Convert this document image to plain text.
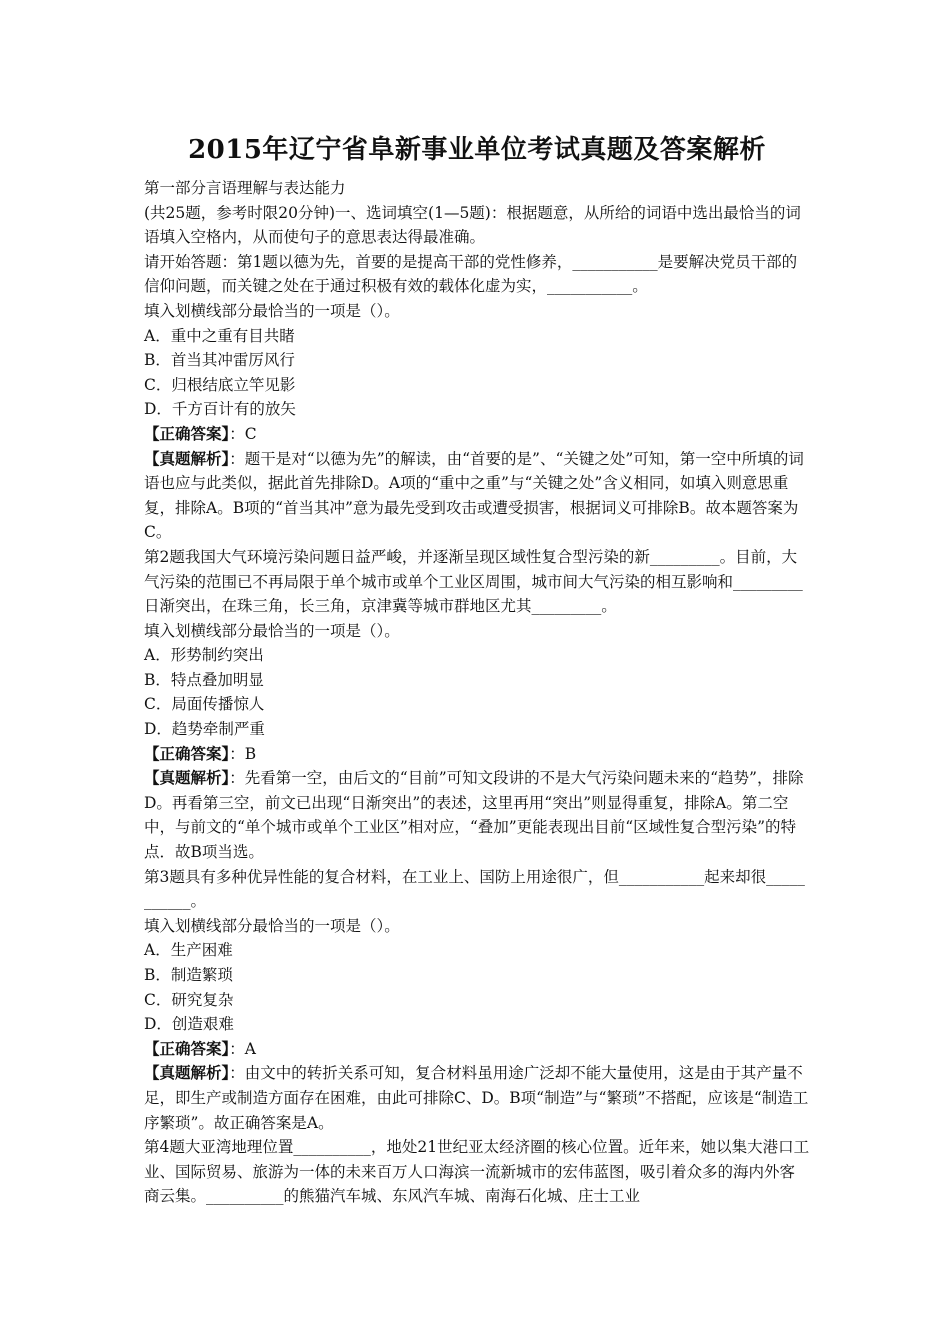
2015年辽宁省阜新事业单位考试真题及答案解析

第一部分言语理解与表达能力

(共25题，参考时限20分钟)一、选词填空(1—5题)：根据题意，从所给的词语中选出最恰当的词语填入空格内，从而使句子的意思表达得最准确。

请开始答题：第1题以德为先，首要的是提高干部的党性修养，___________是要解决党员干部的信仰问题，而关键之处在于通过积极有效的载体化虚为实，___________。

填入划横线部分最恰当的一项是（）。

A．重中之重有目共睹

B．首当其冲雷厉风行

C．归根结底立竿见影

D．千方百计有的放矢

【正确答案】：C

【真题解析】：题干是对“以德为先”的解读，由“首要的是”、“关键之处”可知，第一空中所填的词语也应与此类似，据此首先排除D。A项的“重中之重”与“关键之处”含义相同，如填入则意思重复，排除A。B项的“首当其冲”意为最先受到攻击或遭受损害，根据词义可排除B。故本题答案为C。

第2题我国大气环境污染问题日益严峻，并逐渐呈现区域性复合型污染的新_________。目前，大气污染的范围已不再局限于单个城市或单个工业区周围，城市间大气污染的相互影响和_________日渐突出，在珠三角，长三角，京津冀等城市群地区尤其_________。

填入划横线部分最恰当的一项是（）。

A．形势制约突出

B．特点叠加明显

C．局面传播惊人

D．趋势牵制严重

【正确答案】：B

【真题解析】：先看第一空，由后文的“目前”可知文段讲的不是大气污染问题未来的“趋势”，排除D。再看第三空，前文已出现“日渐突出”的表述，这里再用“突出”则显得重复，排除A。第二空中，与前文的“单个城市或单个工业区”相对应，“叠加”更能表现出目前“区域性复合型污染”的特点．故B项当选。

第3题具有多种优异性能的复合材料，在工业上、国防上用途很广，但___________起来却很___________。

填入划横线部分最恰当的一项是（）。

A．生产困难

B．制造繁琐

C．研究复杂

D．创造艰难

【正确答案】：A

【真题解析】：由文中的转折关系可知，复合材料虽用途广泛却不能大量使用，这是由于其产量不足，即生产或制造方面存在困难，由此可排除C、D。B项“制造”与“繁琐”不搭配，应该是“制造工序繁琐”。故正确答案是A。

第4题大亚湾地理位置__________，地处21世纪亚太经济圈的核心位置。近年来，她以集大港口工业、国际贸易、旅游为一体的未来百万人口海滨一流新城市的宏伟蓝图，吸引着众多的海内外客商云集。__________的熊猫汽车城、东风汽车城、南海石化城、庄士工业
